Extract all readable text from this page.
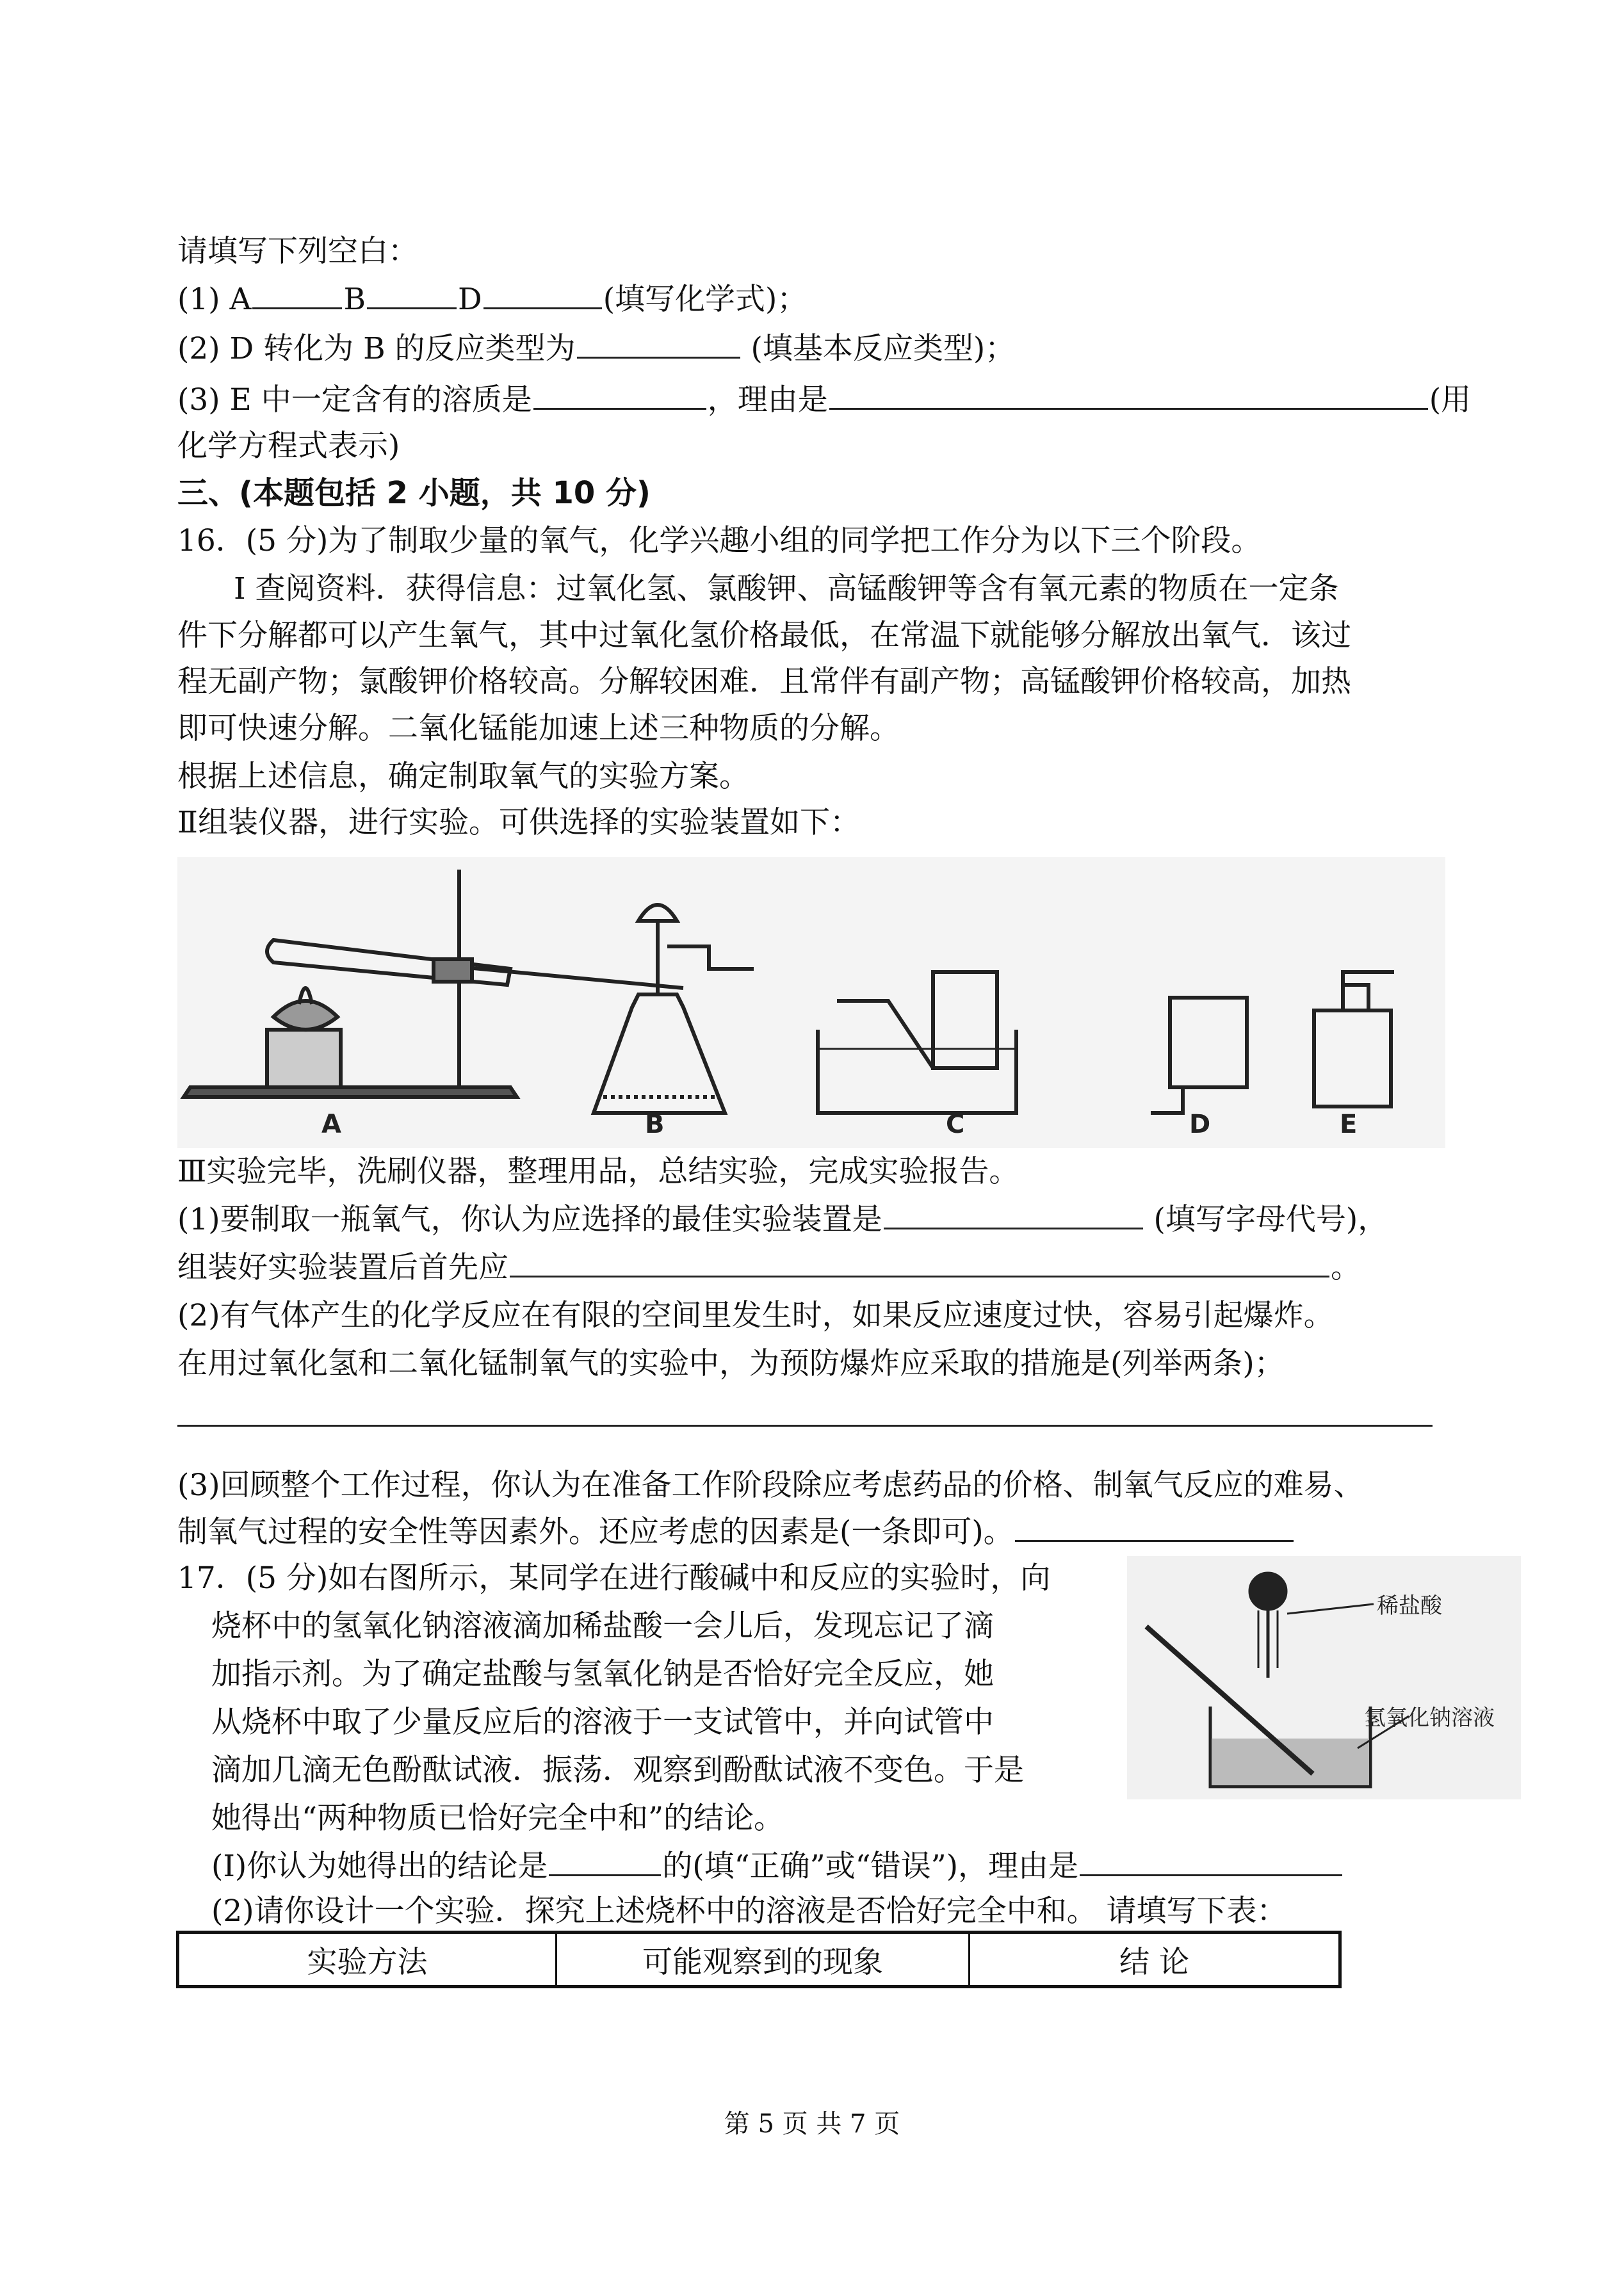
请填写下列空白：
(1) A	B	D	(填写化学式)；
(2) D 转化为 B 的反应类型为	(填基本反应类型)；
(3) E 中一定含有的溶质是	，理由是	(用
化学方程式表示)
三、(本题包括 2 小题，共 10 分)
16．(5 分)为了制取少量的氧气，化学兴趣小组的同学把工作分为以下三个阶段。
I 查阅资料．获得信息：过氧化氢、氯酸钾、高锰酸钾等含有氧元素的物质在一定条
件下分解都可以产生氧气，其中过氧化氢价格最低，在常温下就能够分解放出氧气．该过
程无副产物；氯酸钾价格较高。分解较困难．且常伴有副产物；高锰酸钾价格较高，加热
即可快速分解。二氧化锰能加速上述三种物质的分解。
根据上述信息，确定制取氧气的实验方案。
Ⅱ组装仪器，进行实验。可供选择的实验装置如下：
A	B	C	D	E
Ⅲ实验完毕，洗刷仪器，整理用品，总结实验，完成实验报告。
(1)要制取一瓶氧气，你认为应选择的最佳实验装置是	(填写字母代号)，
组装好实验装置后首先应	。
(2)有气体产生的化学反应在有限的空间里发生时，如果反应速度过快，容易引起爆炸。
在用过氧化氢和二氧化锰制氧气的实验中，为预防爆炸应采取的措施是(列举两条)；
(3)回顾整个工作过程，你认为在准备工作阶段除应考虑药品的价格、制氧气反应的难易、
制氧气过程的安全性等因素外。还应考虑的因素是(一条即可)。
17．(5 分)如右图所示，某同学在进行酸碱中和反应的实验时，向
烧杯中的氢氧化钠溶液滴加稀盐酸一会儿后，发现忘记了滴
加指示剂。为了确定盐酸与氢氧化钠是否恰好完全反应，她
从烧杯中取了少量反应后的溶液于一支试管中，并向试管中
滴加几滴无色酚酞试液．振荡．观察到酚酞试液不变色。于是
她得出“两种物质已恰好完全中和”的结论。
稀盐酸
氢氧化钠溶液
(I)你认为她得出的结论是	的(填“正确”或“错误”)，理由是
(2)请你设计一个实验．探究上述烧杯中的溶液是否恰好完全中和。 请填写下表：
实验方法	可能观察到的现象	结 论
第 5 页 共 7 页
